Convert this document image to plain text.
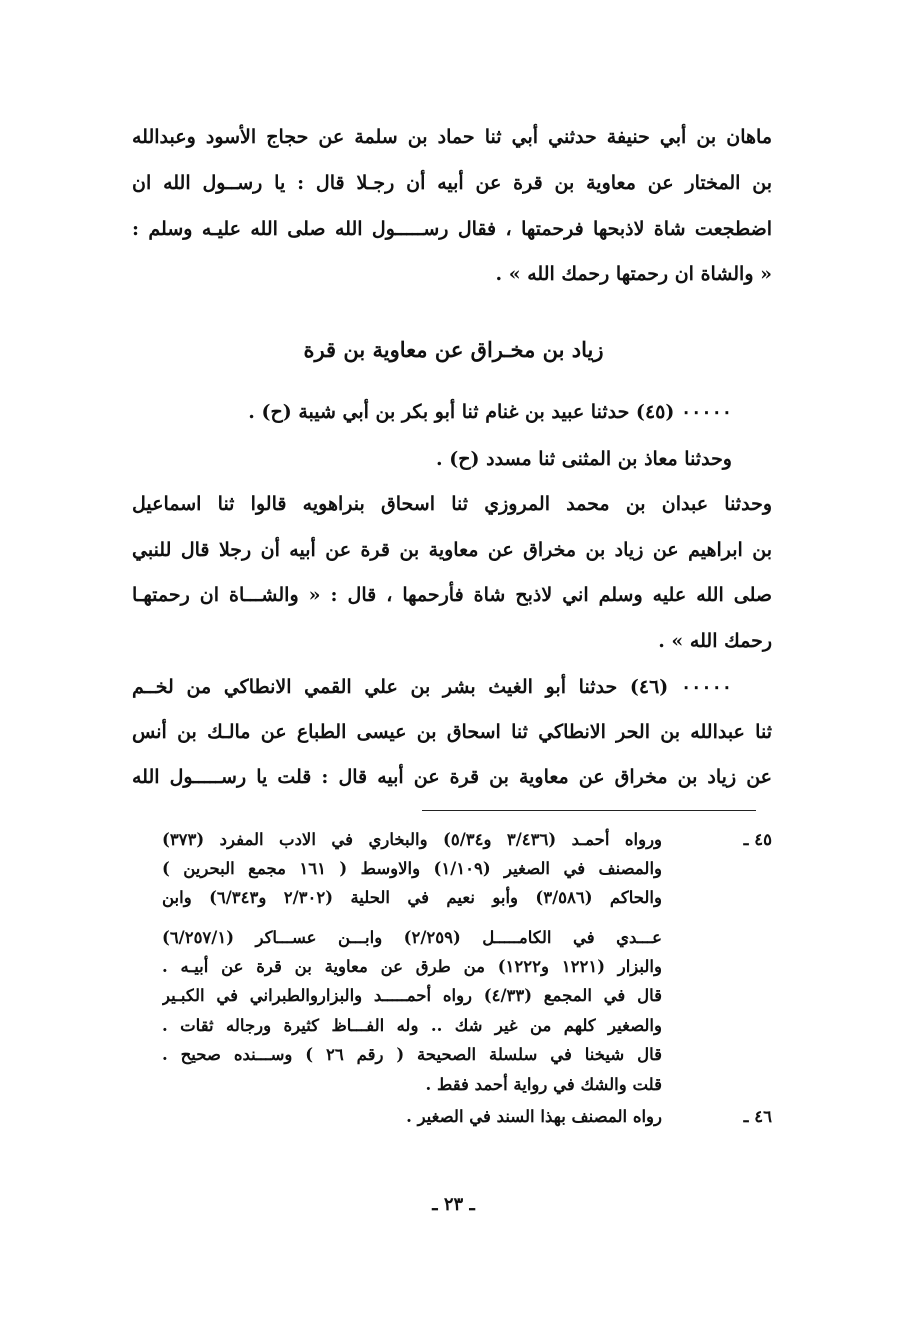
ماهان بن أبي حنيفة حدثني أبي ثنا حماد بن سلمة عن حجاج الأسود وعبدالله
بن المختار عن معاوية بن قرة عن أبيه أن رجـلا قال : يا رســول الله ان
اضطجعت شاة لاذبحها فرحمتها ، فقال رســـــول الله صلى الله عليـه وسلم :
« والشاة ان رحمتها رحمك الله » .
زياد بن مخـراق عن معاوية بن قرة
٠٠٠٠٠ (٤٥) حدثنا عبيد بن غنام ثنا أبو بكر بن أبي شيبة (ح) .
وحدثنا معاذ بن المثنى ثنا مسدد (ح) .
وحدثنا عبدان بن محمد المروزي ثنا اسحاق بنراهويه قالوا ثنا اسماعيل
بن ابراهيم عن زياد بن مخراق عن معاوية بن قرة عن أبيه أن رجلا قال للنبي
صلى الله عليه وسلم اني لاذبح شاة فأرحمها ، قال : « والشـــاة ان رحمتهـا
رحمك الله » .
٠٠٠٠٠ (٤٦) حدثنا أبو الغيث بشر بن علي القمي الانطاكي من لخــم
ثنا عبدالله بن الحر الانطاكي ثنا اسحاق بن عيسى الطباع عن مالـك بن أنس
عن زياد بن مخراق عن معاوية بن قرة عن أبيه قال : قلت يا رســـــول الله
٤٥ ـ
ورواه أحمـد (٣/٤٣٦ و٥/٣٤) والبخاري في الادب المفرد (٣٧٣)
والمصنف في الصغير (١/١٠٩) والاوسط ( ١٦١ مجمع البحرين )
والحاكم (٣/٥٨٦) وأبو نعيم في الحلية (٢/٣٠٢ و٦/٣٤٣) وابن
عـــدي في الكامـــــل (٢/٢٥٩) وابـــن عســـاكر (٦/٢٥٧/١)
والبزار (١٢٢١ و١٢٢٢) من طرق عن معاوية بن قرة عن أبيـه .
قال في المجمع (٤/٣٣) رواه أحمـــــد والبزاروالطبراني في الكبـير
والصغير كلهم من غير شك .. وله الفـــاظ كثيرة ورجاله ثقات .
قال شيخنا في سلسلة الصحيحة ( رقم ٢٦ ) وســـنده صحيح .
قلت والشك في رواية أحمد فقط .
٤٦ ـ
رواه المصنف بهذا السند في الصغير .
ـ ٢٣ ـ
